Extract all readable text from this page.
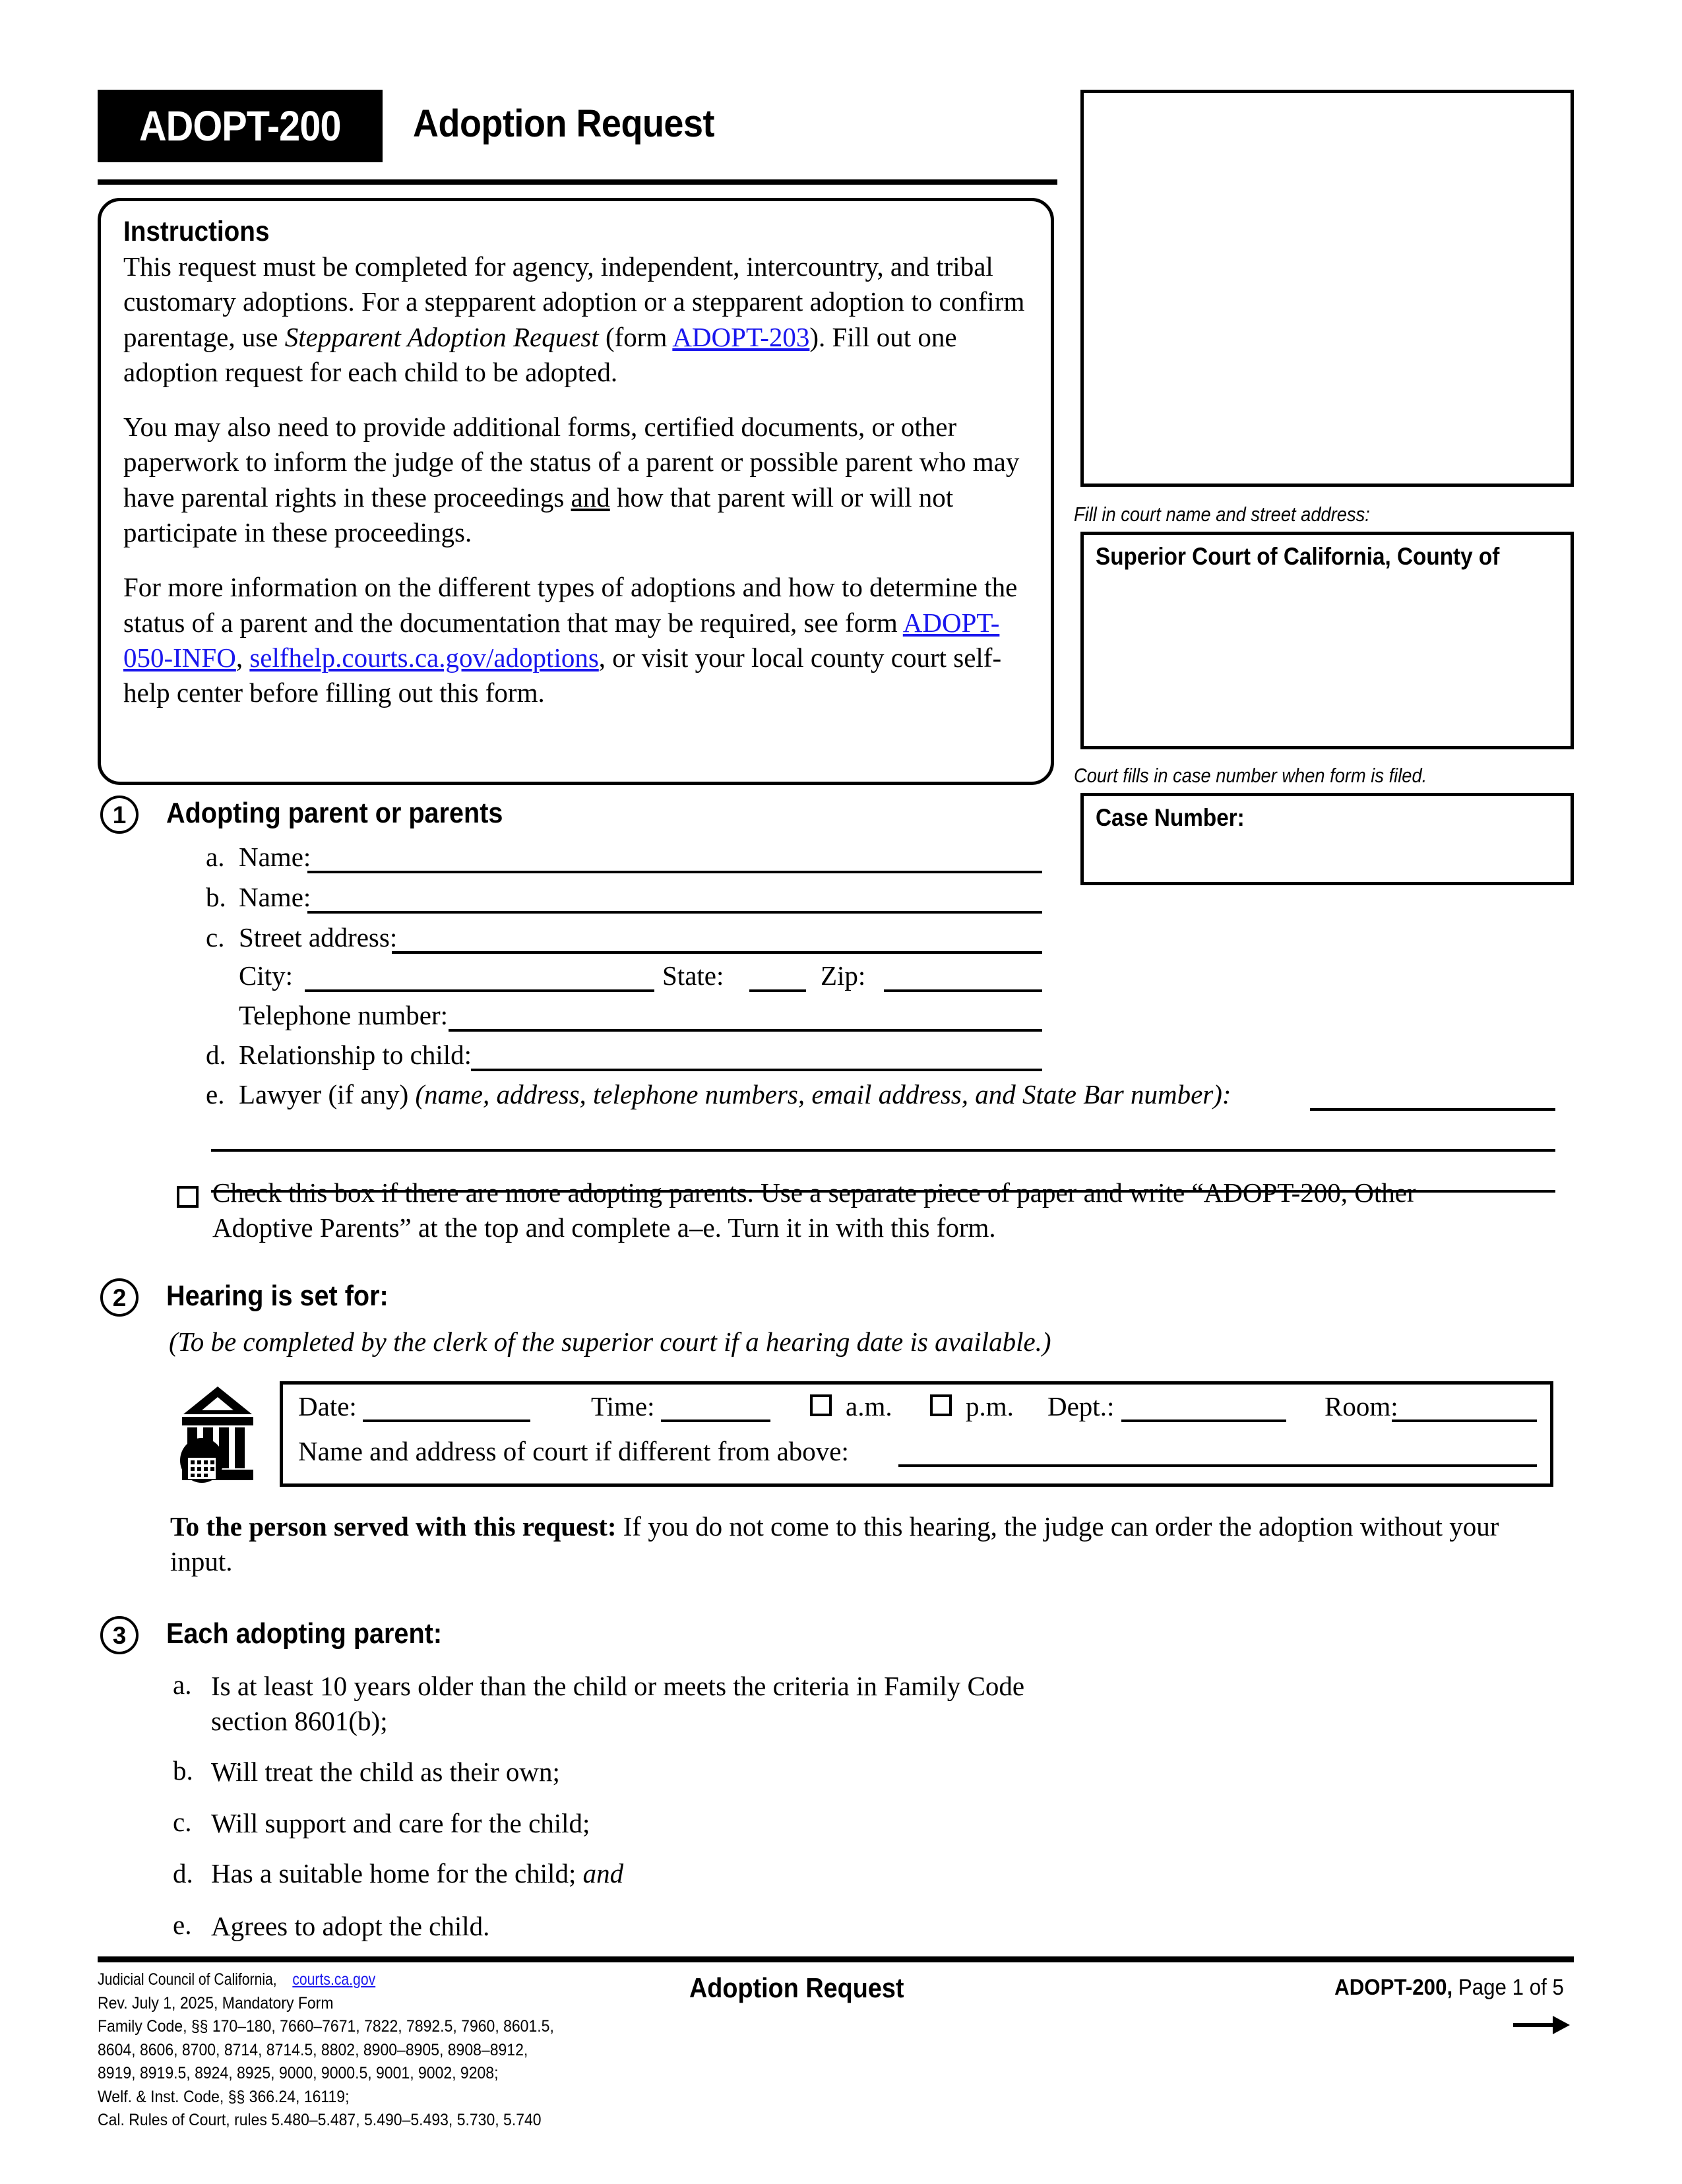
ADOPT-200	Adoption Request
Instructions

This request must be completed for agency, independent, intercountry, and tribal customary adoptions. For a stepparent adoption or a stepparent adoption to confirm parentage, use Stepparent Adoption Request (form ADOPT-203). Fill out one adoption request for each child to be adopted.

You may also need to provide additional forms, certified documents, or other paperwork to inform the judge of the status of a parent or possible parent who may have parental rights in these proceedings and how that parent will or will not participate in these proceedings.

For more information on the different types of adoptions and how to determine the status of a parent and the documentation that may be required, see form ADOPT-050-INFO, selfhelp.courts.ca.gov/adoptions, or visit your local county court self-help center before filling out this form.

Fill in court name and street address:
Superior Court of California, County of
Court fills in case number when form is filed.
Case Number:
1	Adopting parent or parents
a. Name:
b. Name:
c. Street address:
City:	State:	Zip:
Telephone number:
d. Relationship to child:
e. Lawyer (if any) (name, address, telephone numbers, email address, and State Bar number):
Check this box if there are more adopting parents. Use a separate piece of paper and write “ADOPT-200, Other Adoptive Parents” at the top and complete a–e. Turn it in with this form.
2	Hearing is set for:
(To be completed by the clerk of the superior court if a hearing date is available.)
Date:	Time:	a.m.	p.m. Dept.:	Room:
Name and address of court if different from above:
To the person served with this request: If you do not come to this hearing, the judge can order the adoption without your input.
3	Each adopting parent:
a. Is at least 10 years older than the child or meets the criteria in Family Code section 8601(b);
b. Will treat the child as their own;
c. Will support and care for the child;
d. Has a suitable home for the child; and
e. Agrees to adopt the child.
Judicial Council of California,courts.ca.gov
Rev. July 1, 2025, Mandatory Form
Family Code, §§ 170–180, 7660–7671, 7822, 7892.5, 7960, 8601.5,
8604, 8606, 8700, 8714, 8714.5, 8802, 8900–8905, 8908–8912,
8919, 8919.5, 8924, 8925, 9000, 9000.5, 9001, 9002, 9208;
Welf. & Inst. Code, §§ 366.24, 16119;
Cal. Rules of Court, rules 5.480–5.487, 5.490–5.493, 5.730, 5.740
Adoption Request	ADOPT-200, Page 1 of 5
